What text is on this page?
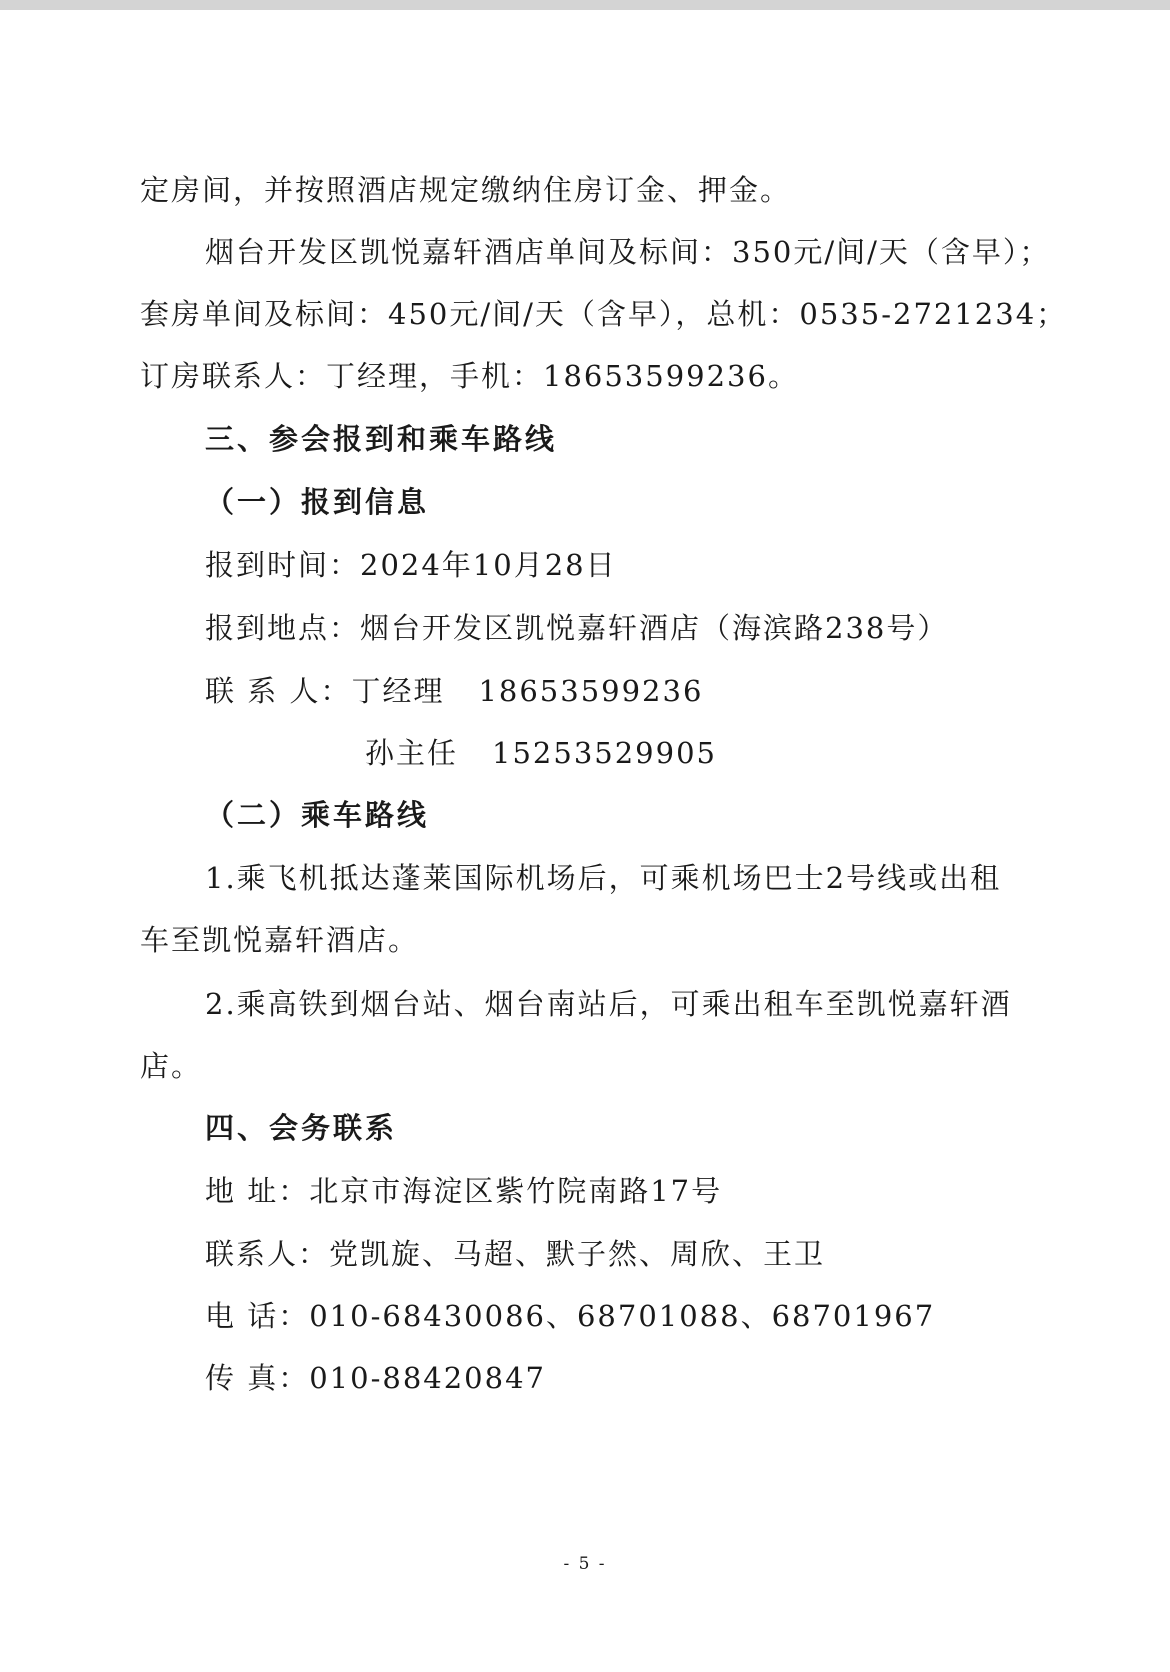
定房间，并按照酒店规定缴纳住房订金、押金。
烟台开发区凯悦嘉轩酒店单间及标间：350元/间/天（含早）；
套房单间及标间：450元/间/天（含早），总机：0535-2721234；
订房联系人：丁经理，手机：18653599236。
三、参会报到和乘车路线
（一）报到信息
报到时间：2024年10月28日
报到地点：烟台开发区凯悦嘉轩酒店（海滨路238号）
联 系 人：丁经理 18653599236
孙主任 15253529905
（二）乘车路线
1.乘飞机抵达蓬莱国际机场后，可乘机场巴士2号线或出租
车至凯悦嘉轩酒店。
2.乘高铁到烟台站、烟台南站后，可乘出租车至凯悦嘉轩酒
店。
四、会务联系
地 址：北京市海淀区紫竹院南路17号
联系人：党凯旋、马超、默子然、周欣、王卫
电 话：010-68430086、68701088、68701967
传 真：010-88420847
- 5 -
